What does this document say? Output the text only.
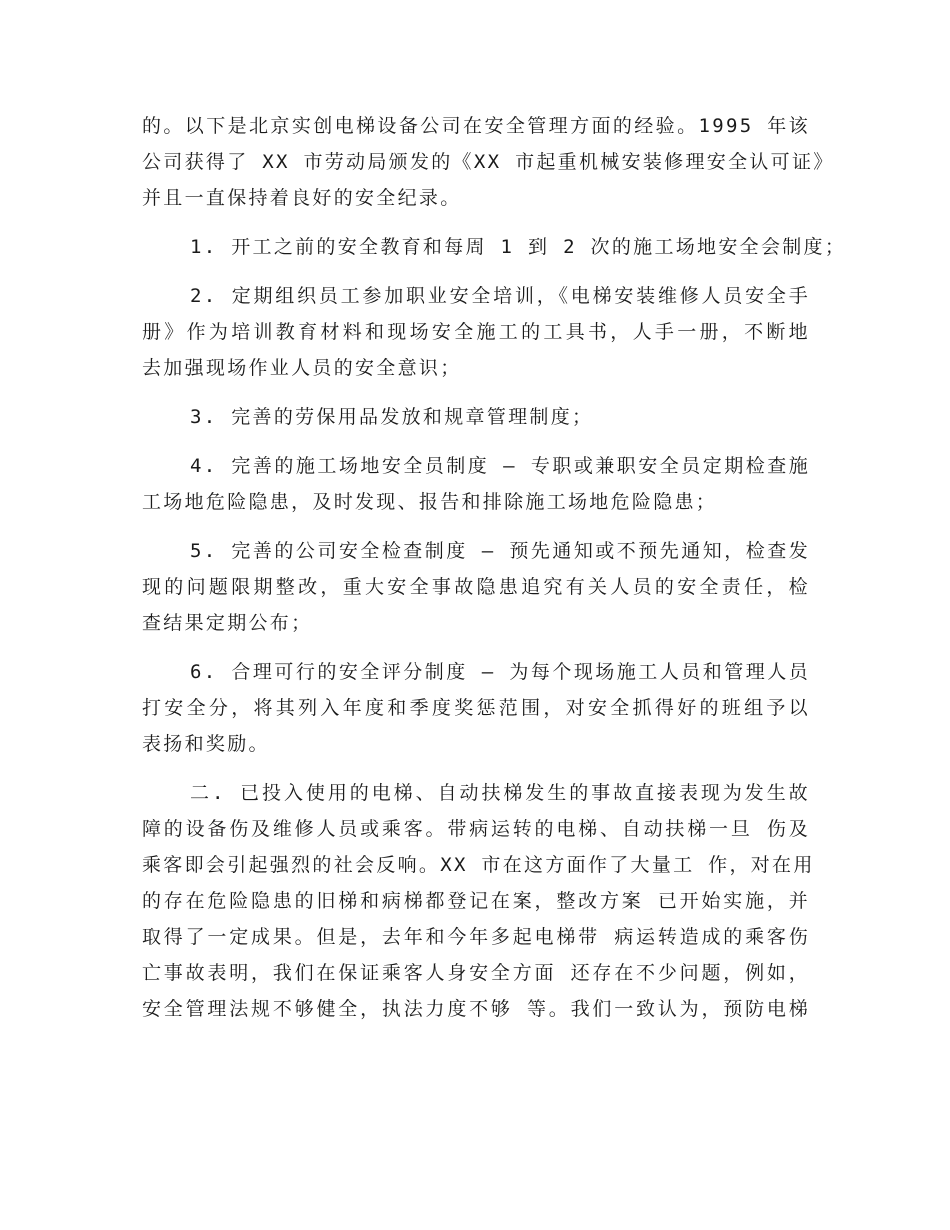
的。以下是北京实创电梯设备公司在安全管理方面的经验。1995 年该
公司获得了 XX 市劳动局颁发的《XX 市起重机械安装修理安全认可证》
并且一直保持着良好的安全纪录。
1. 开工之前的安全教育和每周 1 到 2 次的施工场地安全会制度；
2. 定期组织员工参加职业安全培训，《电梯安装维修人员安全手
册》作为培训教育材料和现场安全施工的工具书，人手一册，不断地
去加强现场作业人员的安全意识；
3. 完善的劳保用品发放和规章管理制度；
4. 完善的施工场地安全员制度 – 专职或兼职安全员定期检查施
工场地危险隐患，及时发现、报告和排除施工场地危险隐患；
5. 完善的公司安全检查制度 – 预先通知或不预先通知，检查发
现的问题限期整改，重大安全事故隐患追究有关人员的安全责任，检
查结果定期公布；
6. 合理可行的安全评分制度 – 为每个现场施工人员和管理人员
打安全分，将其列入年度和季度奖惩范围，对安全抓得好的班组予以
表扬和奖励。
二. 已投入使用的电梯、自动扶梯发生的事故直接表现为发生故
障的设备伤及维修人员或乘客。带病运转的电梯、自动扶梯一旦 伤及
乘客即会引起强烈的社会反响。XX 市在这方面作了大量工 作，对在用
的存在危险隐患的旧梯和病梯都登记在案，整改方案 已开始实施，并
取得了一定成果。但是，去年和今年多起电梯带 病运转造成的乘客伤
亡事故表明，我们在保证乘客人身安全方面 还存在不少问题，例如，
安全管理法规不够健全，执法力度不够 等。我们一致认为，预防电梯
